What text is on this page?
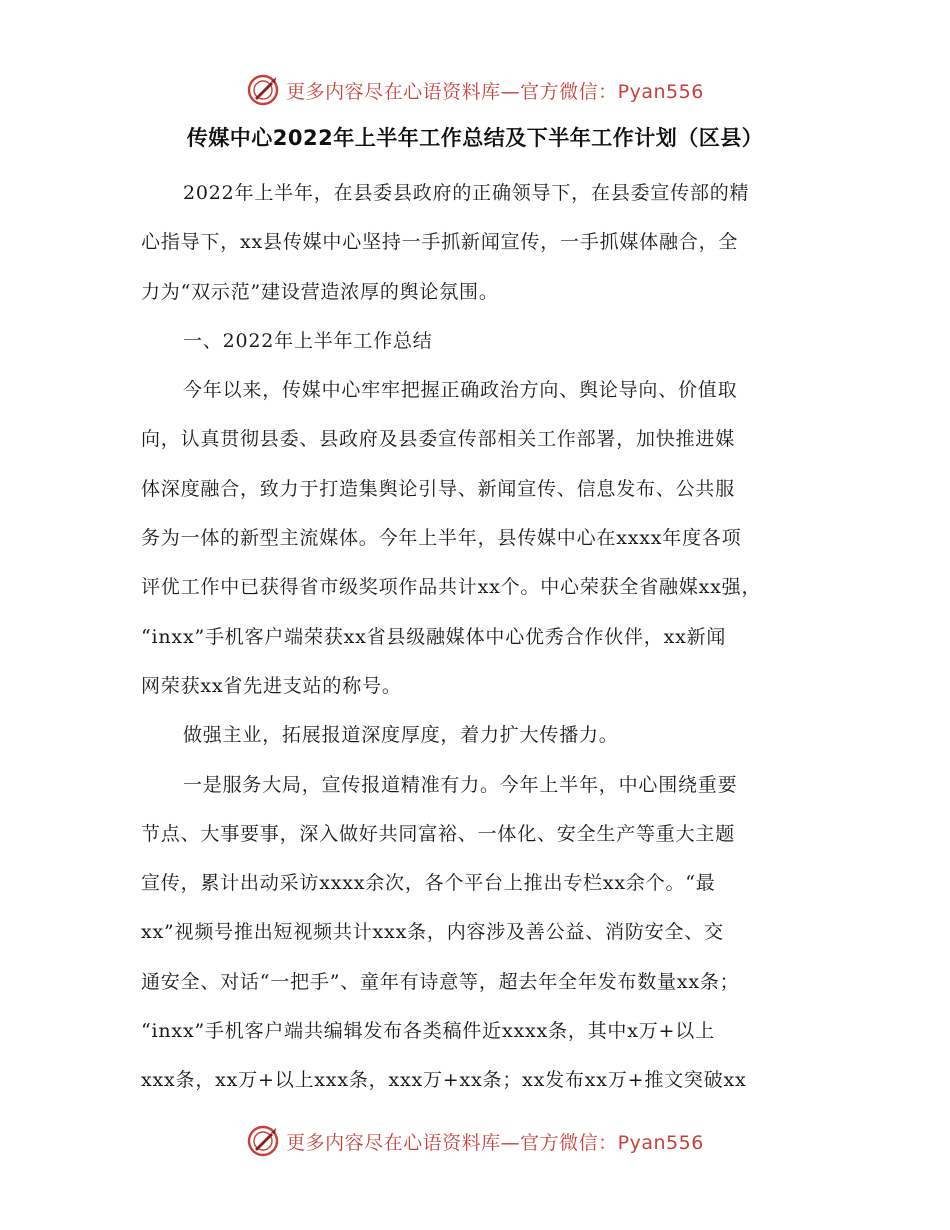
更多内容尽在心语资料库—官方微信：Pyan556
传媒中心2022年上半年工作总结及下半年工作计划（区县）
2022年上半年，在县委县政府的正确领导下，在县委宣传部的精
心指导下，xx县传媒中心坚持一手抓新闻宣传，一手抓媒体融合，全
力为“双示范”建设营造浓厚的舆论氛围。
一、2022年上半年工作总结
今年以来，传媒中心牢牢把握正确政治方向、舆论导向、价值取
向，认真贯彻县委、县政府及县委宣传部相关工作部署，加快推进媒
体深度融合，致力于打造集舆论引导、新闻宣传、信息发布、公共服
务为一体的新型主流媒体。今年上半年，县传媒中心在xxxx年度各项
评优工作中已获得省市级奖项作品共计xx个。中心荣获全省融媒xx强，
“inxx”手机客户端荣获xx省县级融媒体中心优秀合作伙伴，xx新闻
网荣获xx省先进支站的称号。
做强主业，拓展报道深度厚度，着力扩大传播力。
一是服务大局，宣传报道精准有力。今年上半年，中心围绕重要
节点、大事要事，深入做好共同富裕、一体化、安全生产等重大主题
宣传，累计出动采访xxxx余次，各个平台上推出专栏xx余个。“最
xx”视频号推出短视频共计xxx条，内容涉及善公益、消防安全、交
通安全、对话“一把手”、童年有诗意等，超去年全年发布数量xx条；
“inxx”手机客户端共编辑发布各类稿件近xxxx条，其中x万+以上
xxx条，xx万+以上xxx条，xxx万+xx条；xx发布xx万+推文突破xx
更多内容尽在心语资料库—官方微信：Pyan556
